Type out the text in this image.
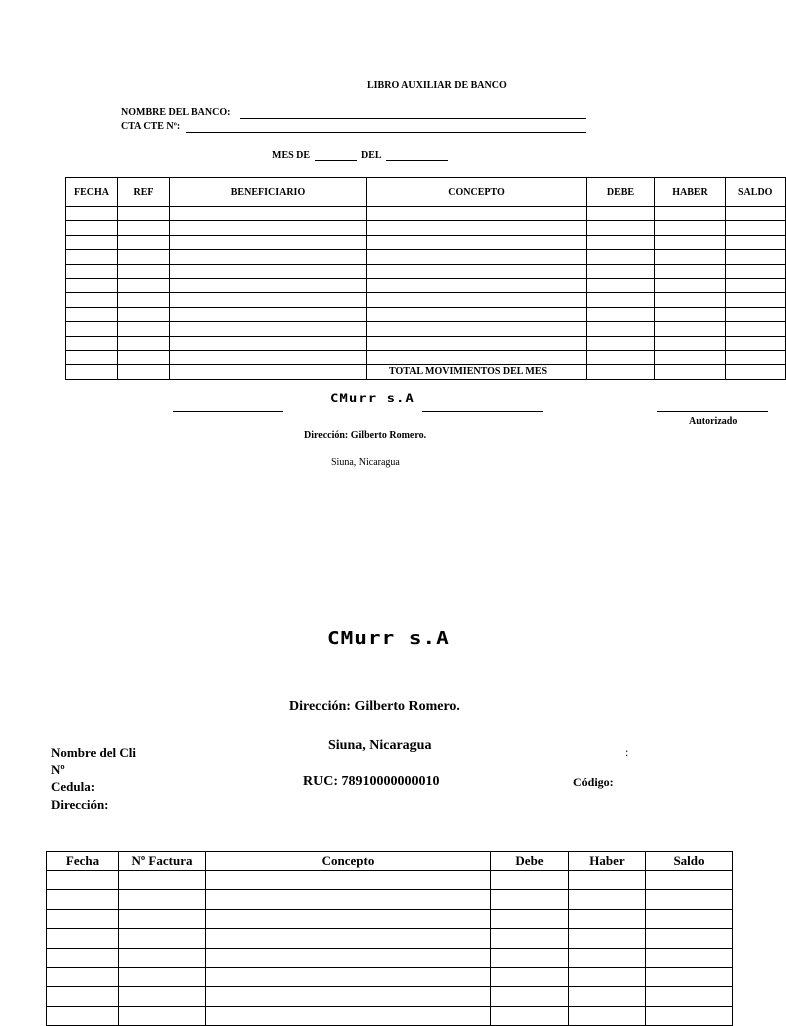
LIBRO AUXILIAR DE BANCO
NOMBRE DEL BANCO:
CTA CTE Nº:
MES DE	DEL
FECHA	REF	BENEFICIARIO	CONCEPTO	DEBE	HABER	SALDO

			TOTAL MOVIMIENTOS DEL MES			
CMurr s.A
Autorizado
Dirección: Gilberto Romero.
Siuna, Nicaragua
CMurr s.A
Dirección: Gilberto Romero.
Siuna, Nicaragua
RUC: 78910000000010	Código:
:
Nombre del Cli
Nº
Cedula:
Dirección:
Fecha	Nº Factura	Concepto	Debe	Haber	Saldo
